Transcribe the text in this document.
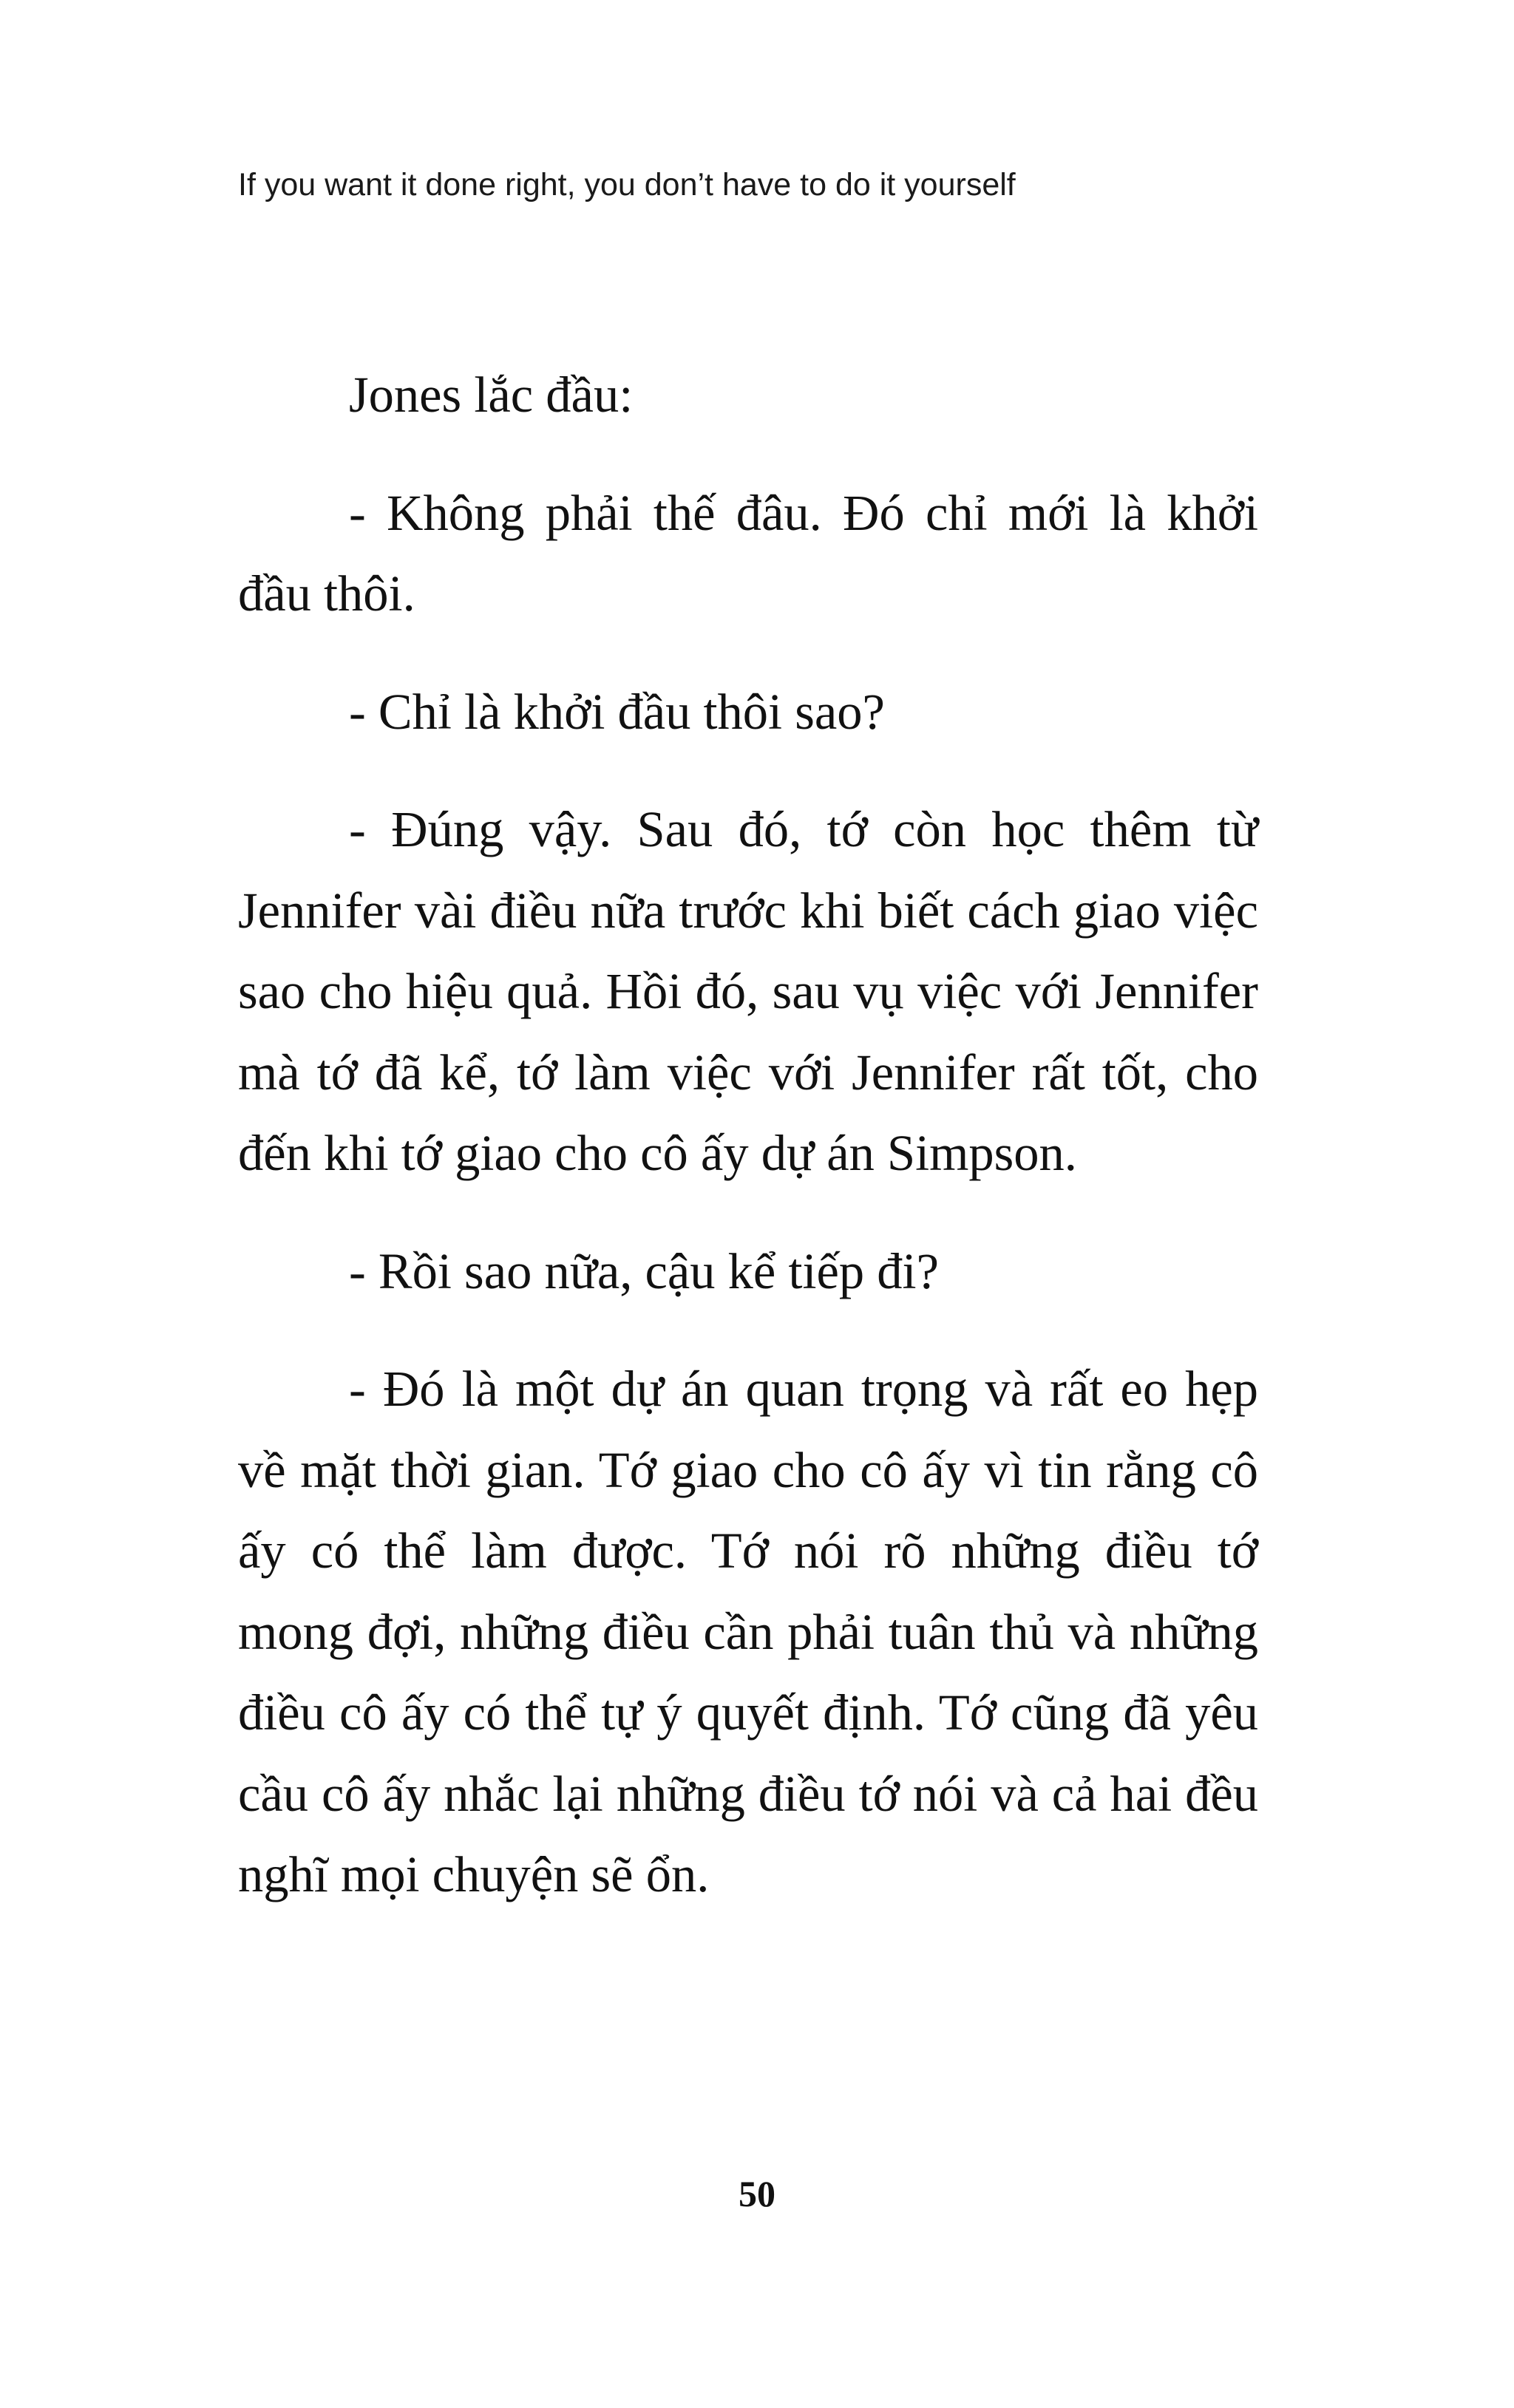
If you want it done right, you don’t have to do it yourself

Jones lắc đầu:

- Không phải thế đâu. Đó chỉ mới là khởi đầu thôi.

- Chỉ là khởi đầu thôi sao?

- Đúng vậy. Sau đó, tớ còn học thêm từ Jennifer vài điều nữa trước khi biết cách giao việc sao cho hiệu quả. Hồi đó, sau vụ việc với Jennifer mà tớ đã kể, tớ làm việc với Jennifer rất tốt, cho đến khi tớ giao cho cô ấy dự án Simpson.

- Rồi sao nữa, cậu kể tiếp đi?

- Đó là một dự án quan trọng và rất eo hẹp về mặt thời gian. Tớ giao cho cô ấy vì tin rằng cô ấy có thể làm được. Tớ nói rõ những điều tớ mong đợi, những điều cần phải tuân thủ và những điều cô ấy có thể tự ý quyết định. Tớ cũng đã yêu cầu cô ấy nhắc lại những điều tớ nói và cả hai đều nghĩ mọi chuyện sẽ ổn.

50
